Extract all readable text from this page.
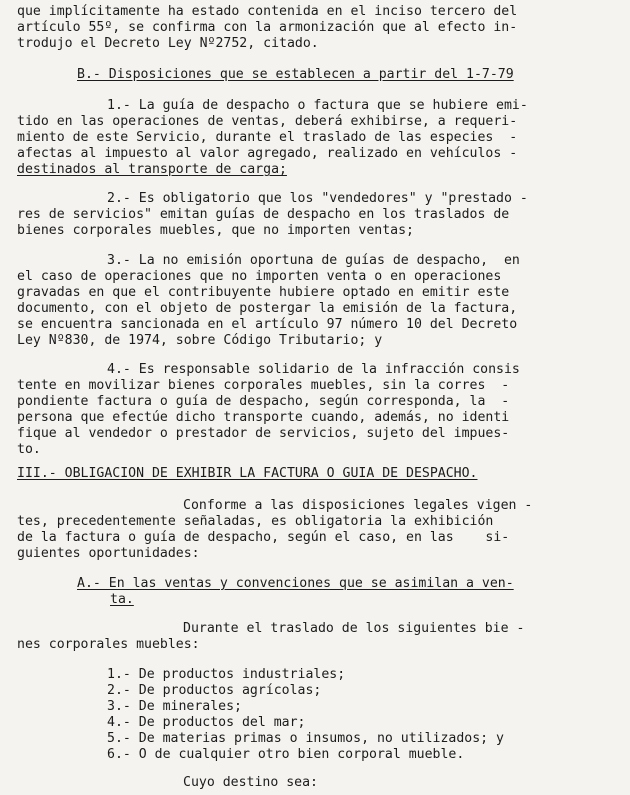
que implícitamente ha estado contenida en el inciso tercero del

artículo 55º, se confirma con la armonización que al efecto in-

trodujo el Decreto Ley Nº2752, citado.

B.- Disposiciones que se establecen a partir del 1-7-79

1.- La guía de despacho o factura que se hubiere emi-

tido en las operaciones de ventas, deberá exhibirse, a requeri-

miento de este Servicio, durante el traslado de las especies  -

afectas al impuesto al valor agregado, realizado en vehículos -

destinados al transporte de carga;

2.- Es obligatorio que los "vendedores" y "prestado -

res de servicios" emitan guías de despacho en los traslados de

bienes corporales muebles, que no importen ventas;

3.- La no emisión oportuna de guías de despacho,  en

el caso de operaciones que no importen venta o en operaciones

gravadas en que el contribuyente hubiere optado en emitir este

documento, con el objeto de postergar la emisión de la factura,

se encuentra sancionada en el artículo 97 número 10 del Decreto

Ley Nº830, de 1974, sobre Código Tributario; y

4.- Es responsable solidario de la infracción consis

tente en movilizar bienes corporales muebles, sin la corres  -

pondiente factura o guía de despacho, según corresponda, la  -

persona que efectúe dicho transporte cuando, además, no identi

fique al vendedor o prestador de servicios, sujeto del impues-

to.

III.- OBLIGACION DE EXHIBIR LA FACTURA O GUIA DE DESPACHO.

Conforme a las disposiciones legales vigen -

tes, precedentemente señaladas, es obligatoria la exhibición

de la factura o guía de despacho, según el caso, en las    si-

guientes oportunidades:

A.- En las ventas y convenciones que se asimilan a ven-

ta.

Durante el traslado de los siguientes bie -

nes corporales muebles:

1.- De productos industriales;

2.- De productos agrícolas;

3.- De minerales;

4.- De productos del mar;

5.- De materias primas o insumos, no utilizados; y

6.- O de cualquier otro bien corporal mueble.

Cuyo destino sea:
